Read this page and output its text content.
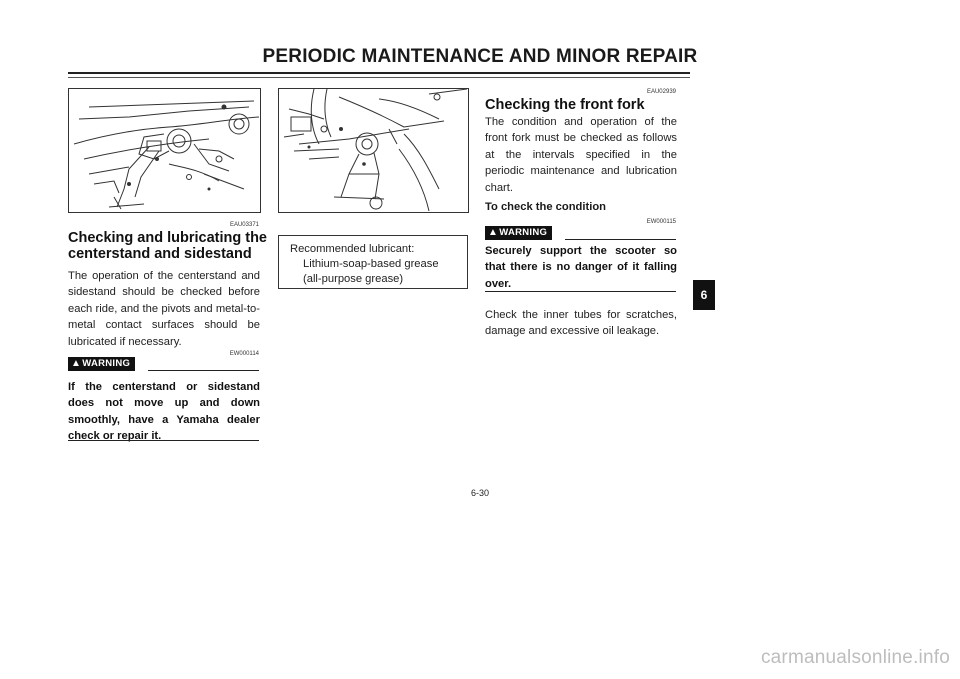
PERIODIC MAINTENANCE AND MINOR REPAIR
EAU03371
Checking and lubricating the
centerstand and sidestand
The operation of the centerstand and sidestand should be checked before each ride, and the pivots and metal-to-metal contact surfaces should be lubricated if necessary.
EW000114
▲WARNING
If the centerstand or sidestand does not move up and down smoothly, have a Yamaha dealer check or repair it.
Recommended lubricant:
Lithium-soap-based grease
(all-purpose grease)
EAU02939
Checking the front fork
The condition and operation of the front fork must be checked as follows at the intervals specified in the periodic maintenance and lubrication chart.
To check the condition
EW000115
▲WARNING
Securely support the scooter so that there is no danger of it falling over.
Check the inner tubes for scratches, damage and excessive oil leakage.
6
6-30
carmanualsonline.info
